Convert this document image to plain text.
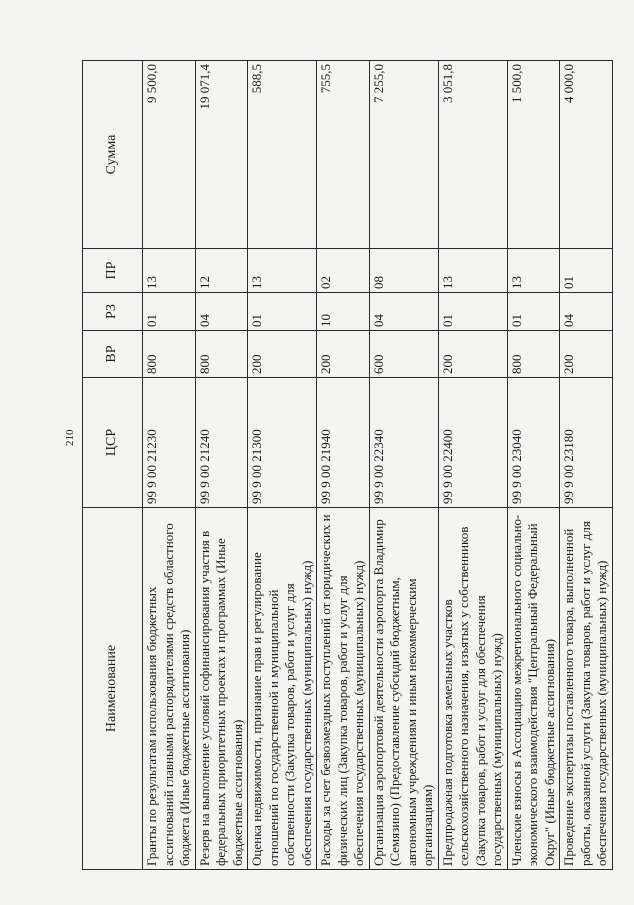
210
Наименование	ЦСР	ВР	РЗ	ПР	Сумма
Гранты по результатам использования бюджетных ассигнований главными распорядителями средств областного бюджета (Иные бюджетные ассигнования)	99 9 00 21230	800	01	13	9 500,0
Резерв на выполнение условий софинансирования участия в федеральных приоритетных проектах и программах (Иные бюджетные ассигнования)	99 9 00 21240	800	04	12	19 071,4
Оценка недвижимости, признание прав и регулирование отношений по государственной и муниципальной собственности (Закупка товаров, работ и услуг для обеспечения государственных (муниципальных) нужд)	99 9 00 21300	200	01	13	588,5
Расходы за счет безвозмездных поступлений от юридических и физических лиц (Закупка товаров, работ и услуг для обеспечения государственных (муниципальных) нужд)	99 9 00 21940	200	10	02	755,5
Организация аэропортовой деятельности аэропорта Владимир (Семязино) (Предоставление субсидий бюджетным, автономным учреждениям и иным некоммерческим организациям)	99 9 00 22340	600	04	08	7 255,0
Предпродажная подготовка земельных участков сельскохозяйственного назначения, изъятых у собственников (Закупка товаров, работ и услуг для обеспечения государственных (муниципальных) нужд)	99 9 00 22400	200	01	13	3 051,8
Членские взносы в Ассоциацию межрегионального социально-экономического взаимодействия "Центральный Федеральный Округ" (Иные бюджетные ассигнования)	99 9 00 23040	800	01	13	1 500,0
Проведение экспертизы поставленного товара, выполненной работы, оказанной услуги (Закупка товаров, работ и услуг для обеспечения государственных (муниципальных) нужд)	99 9 00 23180	200	04	01	4 000,0
